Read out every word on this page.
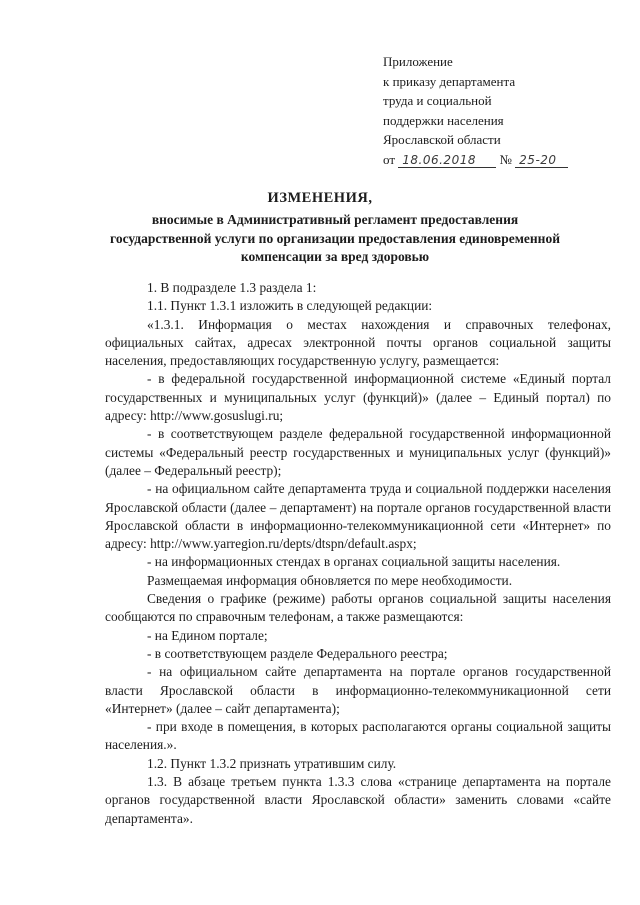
Приложение
к приказу департамента
труда и социальной
поддержки населения
Ярославской области
от 18.06.2018 № 25-20
ИЗМЕНЕНИЯ,
вносимые в Административный регламент предоставления государственной услуги по организации предоставления единовременной компенсации за вред здоровью

1. В подразделе 1.3 раздела 1:

1.1. Пункт 1.3.1 изложить в следующей редакции:

«1.3.1. Информация о местах нахождения и справочных телефонах, официальных сайтах, адресах электронной почты органов социальной защиты населения, предоставляющих государственную услугу, размещается:

- в федеральной государственной информационной системе «Единый портал государственных и муниципальных услуг (функций)» (далее – Единый портал) по адресу: http://www.gosuslugi.ru;

- в соответствующем разделе федеральной государственной информационной системы «Федеральный реестр государственных и муниципальных услуг (функций)» (далее – Федеральный реестр);

- на официальном сайте департамента труда и социальной поддержки населения Ярославской области (далее – департамент) на портале органов государственной власти Ярославской области в информационно-телекоммуникационной сети «Интернет» по адресу: http://www.yarregion.ru/depts/dtspn/default.aspx;

- на информационных стендах в органах социальной защиты населения.

Размещаемая информация обновляется по мере необходимости.

Сведения о графике (режиме) работы органов социальной защиты населения сообщаются по справочным телефонам, а также размещаются:

- на Едином портале;

- в соответствующем разделе Федерального реестра;

- на официальном сайте департамента на портале органов государственной власти Ярославской области в информационно-телекоммуникационной сети «Интернет» (далее – сайт департамента);

- при входе в помещения, в которых располагаются органы социальной защиты населения.».

1.2. Пункт 1.3.2 признать утратившим силу.

1.3. В абзаце третьем пункта 1.3.3 слова «странице департамента на портале органов государственной власти Ярославской области» заменить словами «сайте департамента».
